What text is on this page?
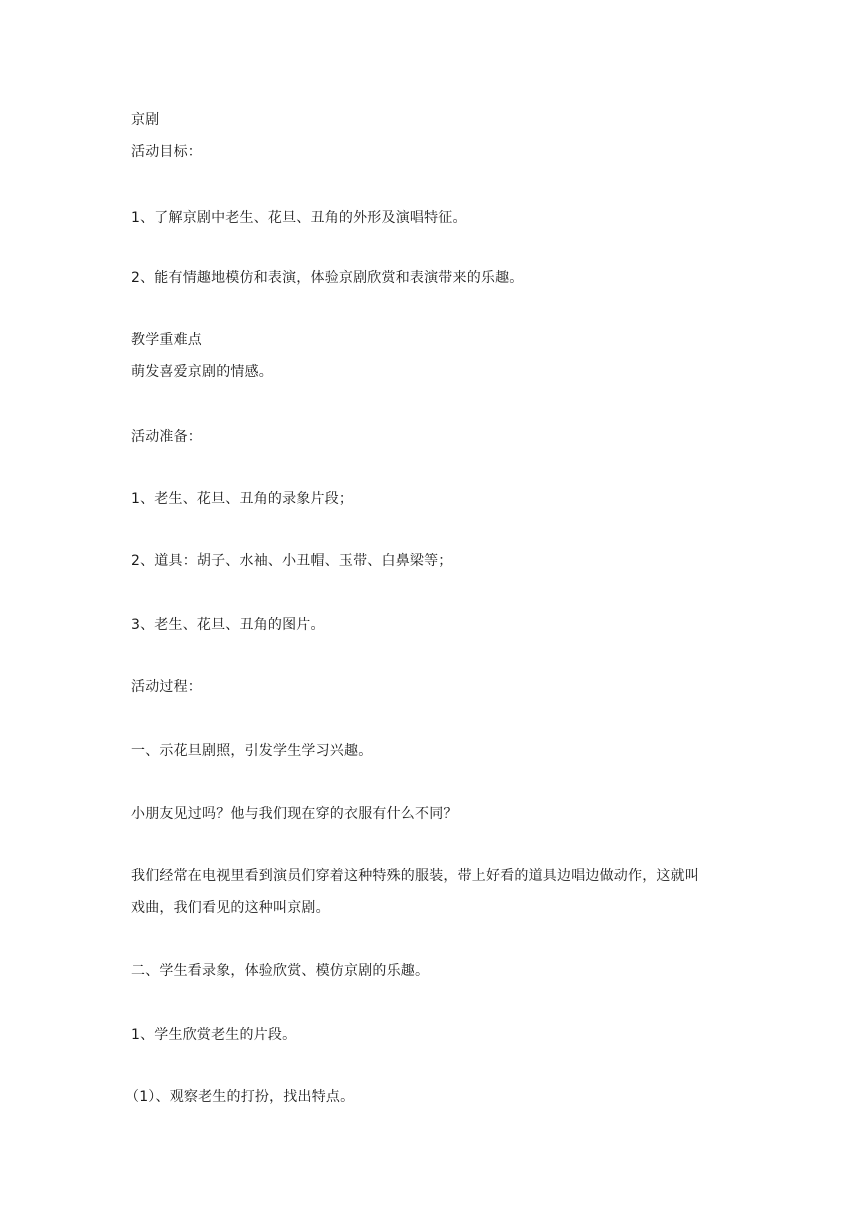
京剧
活动目标：
1、了解京剧中老生、花旦、丑角的外形及演唱特征。
2、能有情趣地模仿和表演，体验京剧欣赏和表演带来的乐趣。
教学重难点
萌发喜爱京剧的情感。
活动准备：
1、老生、花旦、丑角的录象片段；
2、道具：胡子、水袖、小丑帽、玉带、白鼻梁等；
3、老生、花旦、丑角的图片。
活动过程：
一、示花旦剧照，引发学生学习兴趣。
小朋友见过吗？他与我们现在穿的衣服有什么不同？
我们经常在电视里看到演员们穿着这种特殊的服装，带上好看的道具边唱边做动作，这就叫
戏曲，我们看见的这种叫京剧。
二、学生看录象，体验欣赏、模仿京剧的乐趣。
1、学生欣赏老生的片段。
（1）、观察老生的打扮，找出特点。
